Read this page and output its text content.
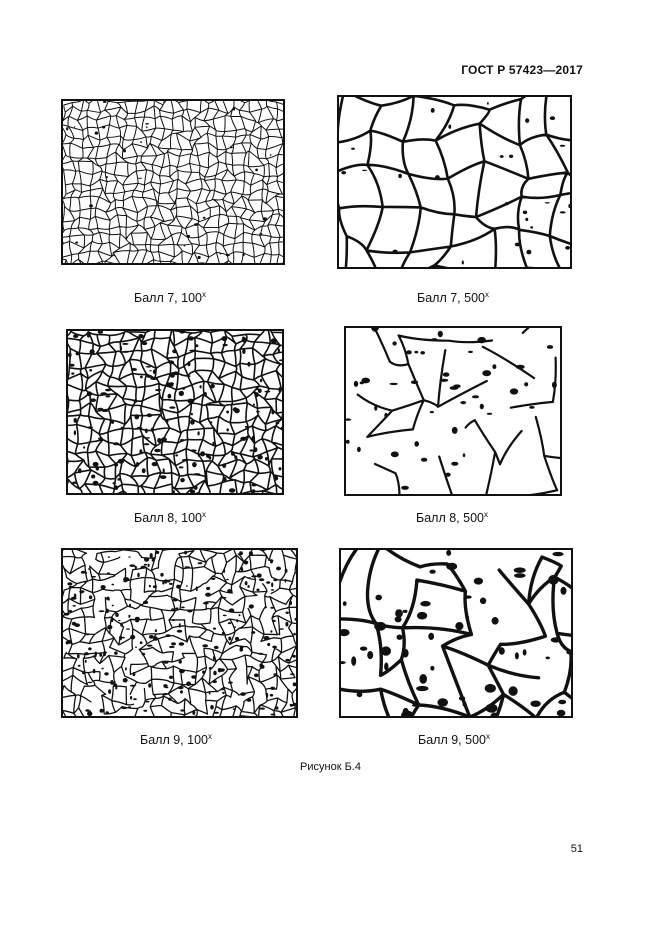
ГОСТ Р 57423—2017
Балл 7, $100^х$	Балл 7, $500^х$
Балл 8, $100^х$	Балл 8, $500^х$
Балл 9, $100^х$	Балл 9, $500^х$
Рисунок Б.4
51
